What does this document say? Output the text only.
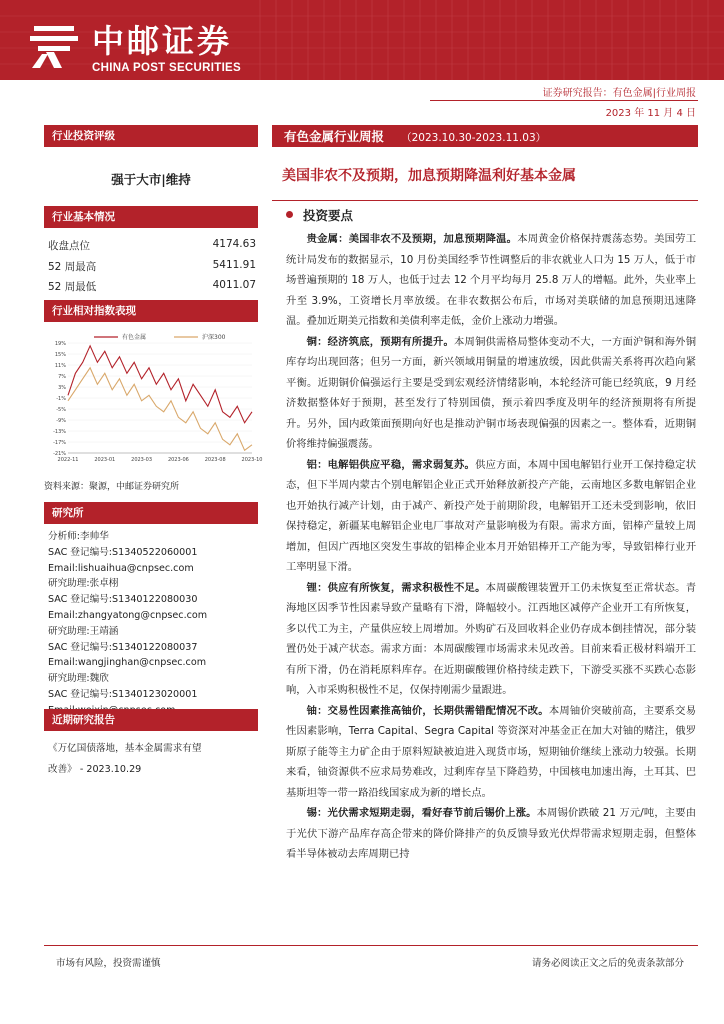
中邮证券
CHINA POST SECURITIES
证券研究报告：有色金属|行业周报
2023 年 11 月 4 日
行业投资评级
强于大市|维持
行业基本情况
收盘点位	4174.63
52 周最高	5411.91
52 周最低	4011.07
行业相对指数表现
19%
15%
11%
7%
3%
-1%
-5%
-9%
-13%
-17%
-21%
2022-11	2023-01	2023-03	2023-06	2023-08	2023-10
有色金属	沪深300
资料来源：聚源，中邮证券研究所
研究所
分析师:李帅华
SAC 登记编号:S1340522060001
Email:lishuaihua@cnpsec.com
研究助理:张卓栩
SAC 登记编号:S1340122080030
Email:zhangyatong@cnpsec.com
研究助理:王靖涵
SAC 登记编号:S1340122080037
Email:wangjinghan@cnpsec.com
研究助理:魏欣
SAC 登记编号:S1340123020001
近期研究报告
《万亿国债落地，基本金属需求有望
改善》 - 2023.10.29
有色金属行业周报 （2023.10.30-2023.11.03）
美国非农不及预期，加息预期降温利好基本金属
投资要点

贵金属：美国非农不及预期，加息预期降温。本周黄金价格保持震荡态势。美国劳工统计局发布的数据显示，10 月份美国经季节性调整后的非农就业人口为 15 万人，低于市场普遍预期的 18 万人，也低于过去 12 个月平均每月 25.8 万人的增幅。此外，失业率上升至 3.9%，工资增长月率放缓。在非农数据公布后，市场对美联储的加息预期迅速降温。叠加近期美元指数和美债利率走低，金价上涨动力增强。

铜：经济筑底，预期有所提升。本周铜供需格局整体变动不大，一方面沪铜和海外铜库存均出现回落；但另一方面，新兴领域用铜量的增速放缓，因此供需关系将再次趋向紧平衡。近期铜价偏强运行主要是受到宏观经济情绪影响，本轮经济可能已经筑底，9 月经济数据整体好于预期，甚至发行了特别国债，预示着四季度及明年的经济预期将有所提升。另外，国内政策面预期向好也是推动沪铜市场表现偏强的因素之一。整体看，近期铜价将维持偏强震荡。

铝：电解铝供应平稳，需求弱复苏。供应方面，本周中国电解铝行业开工保持稳定状态，但下半周内蒙古个别电解铝企业正式开始释放新投产产能，云南地区多数电解铝企业也开始执行减产计划，由于减产、新投产处于前期阶段，电解铝开工还未受到影响，依旧保持稳定，新疆某电解铝企业电厂事故对产量影响极为有限。需求方面，铝棒产量较上周增加，但因广西地区突发生事故的铝棒企业本月开始铝棒开工产能为零，导致铝棒行业开工率明显下滑。

锂：供应有所恢复，需求积极性不足。本周碳酸锂装置开工仍未恢复至正常状态。青海地区因季节性因素导致产量略有下滑，降幅较小。江西地区减停产企业开工有所恢复，多以代工为主，产量供应较上周增加。外购矿石及回收料企业仍存成本倒挂情况，部分装置仍处于减产状态。需求方面：本周碳酸锂市场需求未见改善。目前来看正极材料端开工有所下滑，仍在消耗原料库存。在近期碳酸锂价格持续走跌下，下游受买涨不买跌心态影响，入市采购积极性不足，仅保持刚需少量跟进。

铀：交易性因素推高铀价，长期供需错配情况不改。本周铀价突破前高，主要系交易性因素影响，Terra Capital、Segra Capital 等资深对冲基金正在加大对铀的赌注，俄罗斯原子能等主力矿企由于原料短缺被迫进入现货市场，短期铀价继续上涨动力较强。长期来看，铀资源供不应求局势难改，过剩库存呈下降趋势，中国核电加速出海，土耳其、巴基斯坦等一带一路沿线国家成为新的增长点。

锡：光伏需求短期走弱，看好春节前后锡价上涨。本周锡价跌破 21 万元/吨，主要由于光伏下游产品库存高企带来的降价降排产的负反馈导致光伏焊带需求短期走弱，但整体看半导体被动去库周期已持

市场有风险，投资需谨慎	请务必阅读正文之后的免责条款部分
